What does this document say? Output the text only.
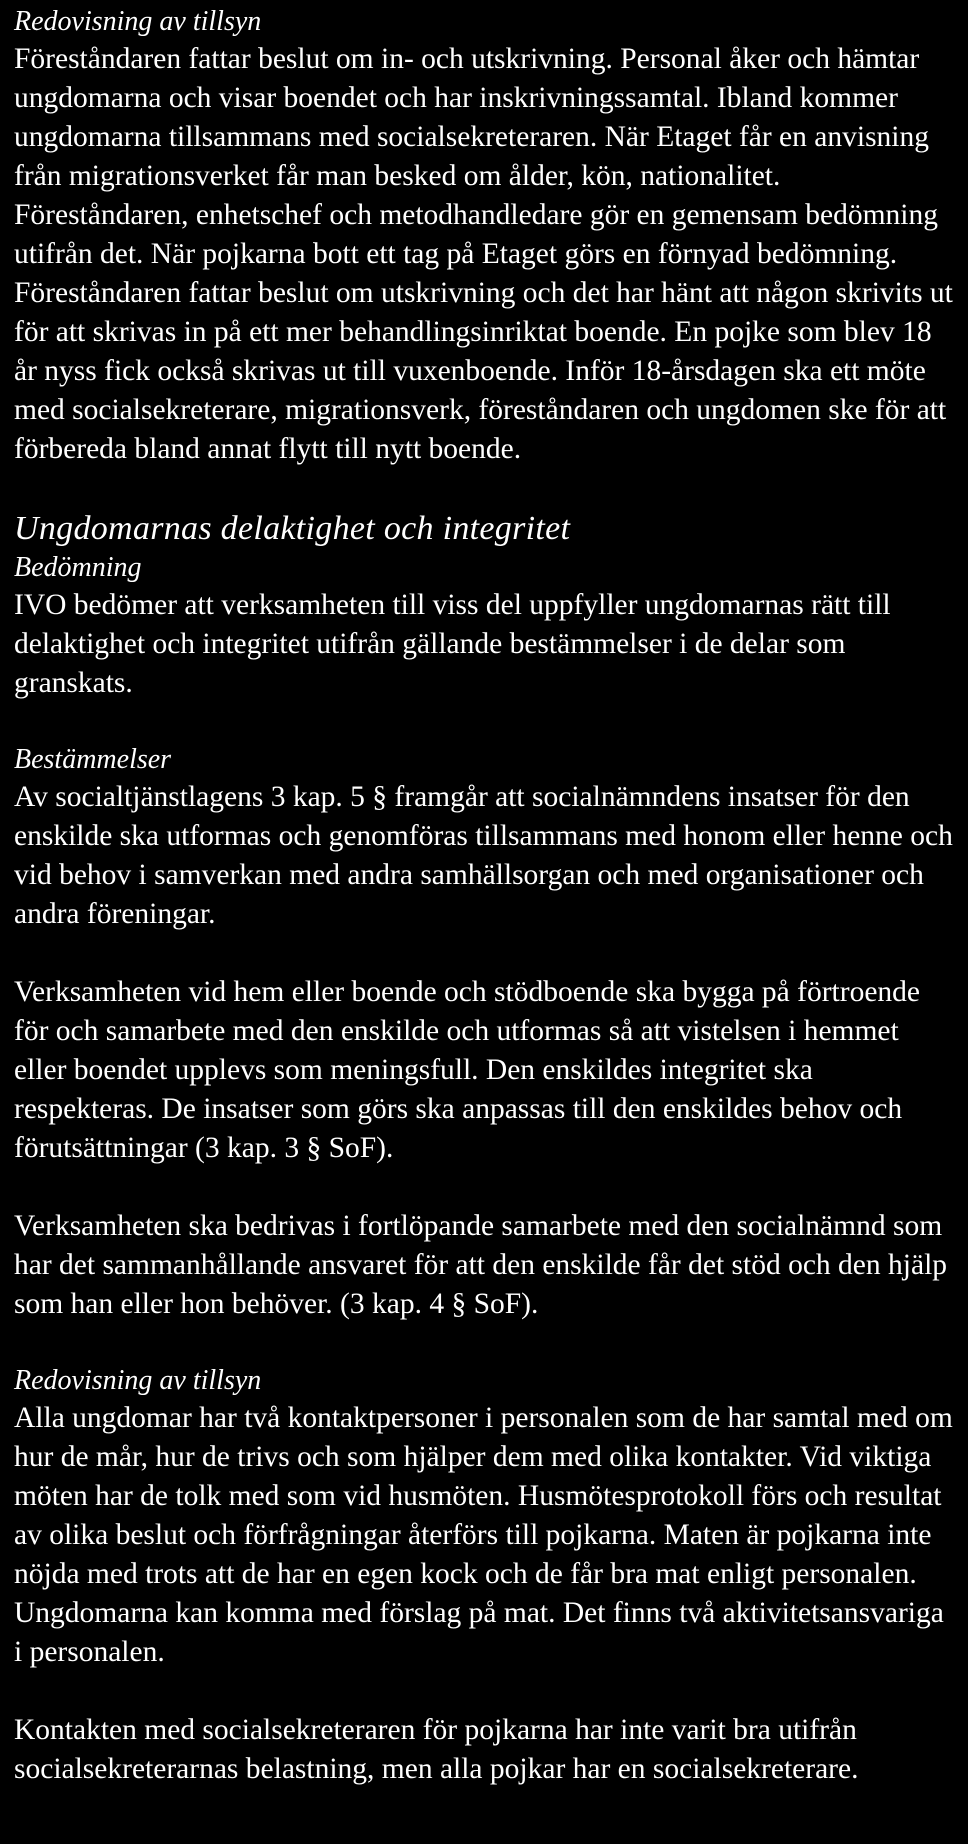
Redovisning av tillsyn

Föreståndaren fattar beslut om in- och utskrivning. Personal åker och hämtar ungdomarna och visar boendet och har inskrivningssamtal. Ibland kommer ungdomarna tillsammans med socialsekreteraren. När Etaget får en anvisning från migrationsverket får man besked om ålder, kön, nationalitet. Föreståndaren, enhetschef och metodhandledare gör en gemensam bedömning utifrån det. När pojkarna bott ett tag på Etaget görs en förnyad bedömning. Föreståndaren fattar beslut om utskrivning och det har hänt att någon skrivits ut för att skrivas in på ett mer behandlingsinriktat boende. En pojke som blev 18 år nyss fick också skrivas ut till vuxenboende. Inför 18-årsdagen ska ett möte med socialsekreterare, migrationsverk, föreståndaren och ungdomen ske för att förbereda bland annat flytt till nytt boende.

Ungdomarnas delaktighet och integritet
Bedömning

IVO bedömer att verksamheten till viss del uppfyller ungdomarnas rätt till delaktighet och integritet utifrån gällande bestämmelser i de delar som granskats.

Bestämmelser

Av socialtjänstlagens 3 kap. 5 § framgår att socialnämndens insatser för den enskilde ska utformas och genomföras tillsammans med honom eller henne och vid behov i samverkan med andra samhällsorgan och med organisationer och andra föreningar.

Verksamheten vid hem eller boende och stödboende ska bygga på förtroende för och samarbete med den enskilde och utformas så att vistelsen i hemmet eller boendet upplevs som meningsfull. Den enskildes integritet ska respekteras. De insatser som görs ska anpassas till den enskildes behov och förutsättningar (3 kap. 3 § SoF).

Verksamheten ska bedrivas i fortlöpande samarbete med den socialnämnd som har det sammanhållande ansvaret för att den enskilde får det stöd och den hjälp som han eller hon behöver. (3 kap. 4 § SoF).

Redovisning av tillsyn

Alla ungdomar har två kontaktpersoner i personalen som de har samtal med om hur de mår, hur de trivs och som hjälper dem med olika kontakter. Vid viktiga möten har de tolk med som vid husmöten. Husmötesprotokoll förs och resultat av olika beslut och förfrågningar återförs till pojkarna. Maten är pojkarna inte nöjda med trots att de har en egen kock och de får bra mat enligt personalen. Ungdomarna kan komma med förslag på mat. Det finns två aktivitetsansvariga i personalen.

Kontakten med socialsekreteraren för pojkarna har inte varit bra utifrån socialsekreterarnas belastning, men alla pojkar har en socialsekreterare.
